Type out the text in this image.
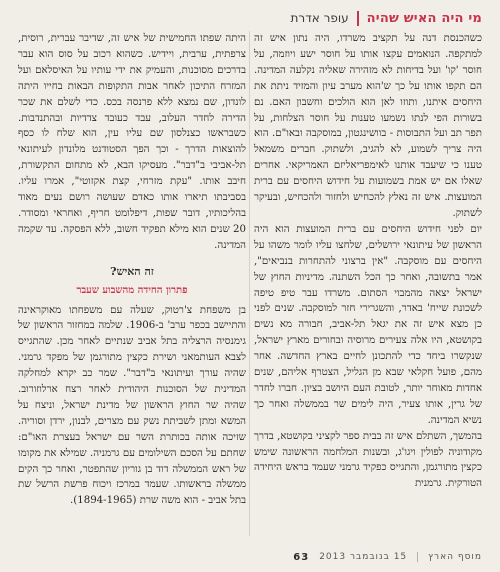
מי היה האיש שהיה
עופר אדרת

כשהכנסת דנה על תקציב משרדו, היה נתון איש זה למתקפה. הנואמים עקצו אותו על חוסר ישע ויוזמה, על חוסר 'קו' ועל בדיחות לא מזהירה שאליה נקלעה המדינה. הם תקפו אותו על כך ש'הוא מערב עיון והמזיד ניתת את היחסים איתנו, ותוזו לאן הוא הולכים וחשבון האם. נם בשורות הפי לנתו נשמעו טענות על חוסר הצלחות, על תפר תב ועל התבוסות - בוושינגטון, במוסקבה ובאו"ם. הוא היה צריך לשמוע, לא להגיב, ולשתוק. חברים משמאל טענו כי שיעבד אותנו לאימפריאליזם האמריקאי. אחרים שאלו אם יש אמת בשמועות על חידוש היחסים עם ברית המועצות. איש זה נאלץ להכחיש ולחזור ולהכחיש, ובעיקר לשתוק.

יום לפני חידוש היחסים עם ברית המועצות הוא היה הראשון של עיתונאי ירושלים, שלחצו עליו לומר משהו על היחסים עם מוסקבה. "אין ברצוני להתחרות בנביאים", אמר בתשובה, ואחר כך הכל השתנה. מדיניות החוץ של ישראל יצאה מהמבוי הסתום. משרדו עבר טיפ טיפה לשכונת שייח' באדר, והשגרירי חזר למוסקבה. שנים לפני כן מצא איש זה את יגאל תל-אביב, חבורה מא נשים בקושטא, היו אלה צעירים מרוסיה ובחורים מארץ ישראל, שנקשרו ביחד כדי להתכונן לחיים בארץ החדשה. אחר מהם, פועל חקלאי שבא מן הגליל, הצטרף אליהם, שנים אחדות מאוחר יותר, לטובת העם היושב בציון. חברו לחדר של גרין, אותו צעיר, היה לימים שר בממשלה ואחר כך נשיא המדינה.

בהמשך, השתלם איש זה בבית ספר לקציני בקושטא, בדרך מקודוניה לפולין ויגו'ג, ובשנות המלחמה הראשונה שימש כקצין מתורגמן, והתגייס כפקיד גרמני שעמד בראש היחידה הטורקית. גרמנית

היתה שפתו החמישית של איש זה, שדיבר עברית, רוסית, צרפתית, ערבית, ויידיש. כשהוא רכוב על סוס הוא עבר בדרכים מסוכנות, והעמיק את ידי עותיו על האיסלאם ועל המזרח התיכון לאחר אבות התקופות הבאות בחייו היתה לונדון, שם נמצא ללא פרנסה בכס. כדי לשלם את שכר הדירה לחדר העלוב, עבד כעובד צדדיות ובהתנדבות. כשבראשו כצנלסון שם עליו עין, הוא שלח לו כסף להוצאות הדרך - וכך הפך הסטודנט מלונדון לעיתונאי תל-אביבי ב"דבר". מעסיקו הבא, לא מתחום התקשורת, חיבב אותו. "עקת מזרחי, קצת אקזוטי", אמרו עליו. בסביבתו תיארו אותו כאדם שעושה רושם נעים מאוד בהליכותיו, דובר שפות, דיפלומט חריף, ואחראי ומסודר. 20 שנים הוא מילא תפקיד חשוב, ללא הפסקה. עד שקמה המדינה.

זה האיש?
פתרון החידה מהשבוע שעבר

בן משפחת צ'רטוק, שעלה עם משפחתו מאוקראינה והתיישב בכפר ערב' ב-1906. שלמה במחזור הראשון של גימנסיה הרצליה בתל אביב שנתיים לאחר מכן. שהתגייס לצבא העותמאני ושירת כקצין מתורגמן של מפקד גרמני. שהיה עורך ועיתונאי ב"דבר". שמר כב יקרא למחלקה המדינית של הסוכנות היהודית לאחר רצח ארלוזורוב. שהיה שר החוץ הראשון של מדינת ישראל, וניצח על המשא ומתן לשביתת נשק עם מצרים, לבנון, ירדן וסוריה. שזיכה אותה בכותרת השר עם ישראל בעצרת האו"ם: שחתם על הסכם השילומים עם גרמניה. שמילא את מקומו של ראש הממשלה דוד בן גוריון שהתפטר, ואחר כך הקים ממשלה בראשותו. שעמד במרכז ויכוח פרשת הרשל שת בתל אביב - הוא משה שרת (1894-1965).

מוסף הארץ
15 בנובמבר 2013
63
